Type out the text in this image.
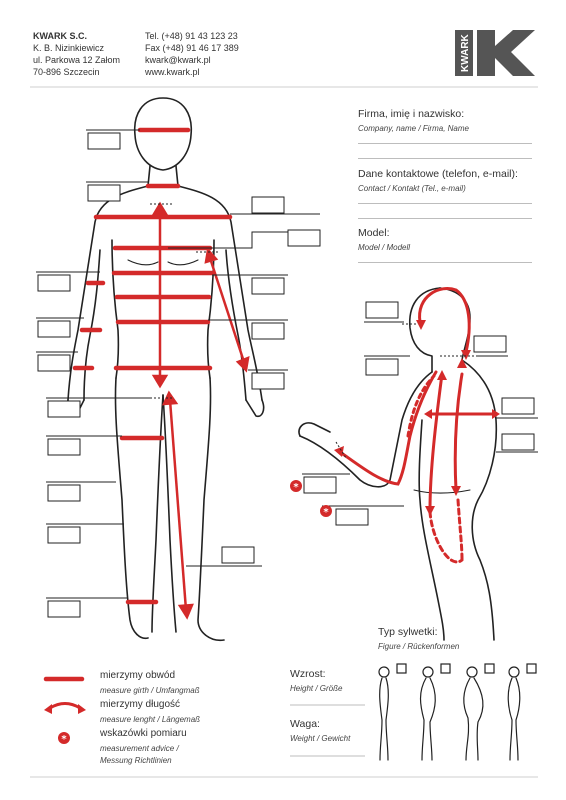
KWARK S.C.
K. B. Nizinkiewicz
ul. Parkowa 12 Załom
70-896 Szczecin
Tel. (+48) 91 43 123 23
Fax (+48) 91 46 17 389
kwark@kwark.pl
www.kwark.pl	KWARK
*
*
*
Firma, imię i nazwisko:
Company, name / Firma, Name
Dane kontaktowe (telefon, e-mail):
Contact / Kontakt (Tel., e-mail)
Model:
Model / Modell
Typ sylwetki:
Figure / Rückenformen
Wzrost:
Height / Größe
Waga:
Weight / Gewicht
mierzymy obwód
measure girth / Umfangmaß
mierzymy długość
measure lenght / Längemaß
wskazówki pomiaru
measurement advice /
Messung Richtlinien
